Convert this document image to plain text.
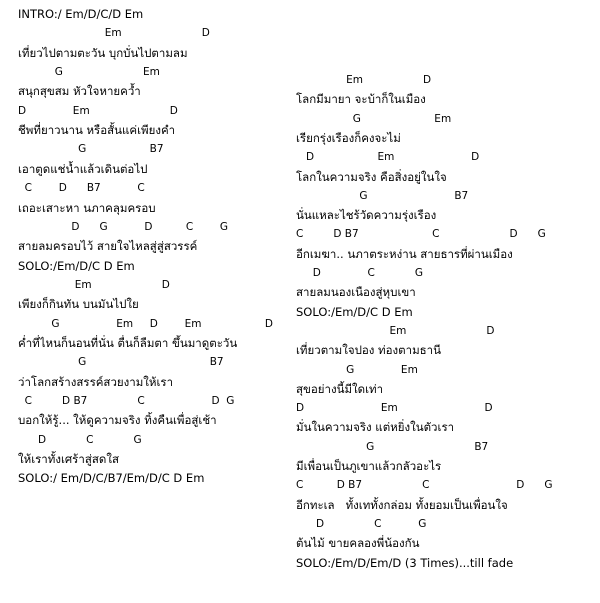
INTRO:/ Em/D/C/D Em
Em                        D
เที่ยวไปตามตะวัน บุกบั่นไปตามลม
G                        Em
สนุกสุขสม หัวใจหายคว้ำ
D              Em                        D
ชีพที่ยาวนาน หรือสั้นแค่เพียงคำ
G                   B7
เอาตูดแช่น้ำแล้วเดินต่อไป
C        D      B7           C
เถอะเสาะหา นภาคลุมครอบ
D      G           D          C        G
สายลมครอบไว้ สายใจไหลสู่สู่สวรรค์
SOLO:/Em/D/C D Em
Em                     D
เพียงก็กินทัน บนมันไปใย
G                 Em     D        Em                   D
ค่ำที่ไหนก็นอนที่นั่น ตื่นก็ลืมตา ขึ้นมาดูตะวัน
G                                     B7
ว่าโลกสร้างสรรค์สวยงามให้เรา
C         D B7               C                    D  G
บอกให้รู้... ให้ดูความจริง ทิ้งคืนเพื่อสู่เช้า
D            C            G
ให้เราทั้งเศร้าสู่สดใส
SOLO:/ Em/D/C/B7/Em/D/C D Em
Em                  D
โลกมีมายา จะบ้าก็ในเมือง
G                      Em
เรียกรุ่งเรืองก็คงจะไม่
D                   Em                       D
โลกในความจริง คือสิ่งอยู่ในใจ
G                          B7
นั่นแหละไชร้วัดความรุ่งเรือง
C         D B7                      C                     D      G
อีกเมฆา.. นภาตระหง่าน สายธารที่ผ่านเมือง
D              C            G
สายลมนองเนืองสู่หุบเขา
SOLO:/Em/D/C D Em
Em                        D
เที่ยวตามใจปอง ท่องตามธานี
G              Em
สุขอย่างนี้มีใดเท่า
D                       Em                          D
มั่นในความจริง แต่หยิ่งในตัวเรา
G                              B7
มีเพื่อนเป็นภูเขาแล้วกลัวอะไร
C          D B7                  C                          D      G
อีกทะเล   ทั้งเททั้งกล่อม ทั้งยอมเป็นเพื่อนใจ
D               C           G
ต้นไม้ ขายคลองพี่น้องกัน
SOLO:/Em/D/Em/D (3 Times)...till fade
